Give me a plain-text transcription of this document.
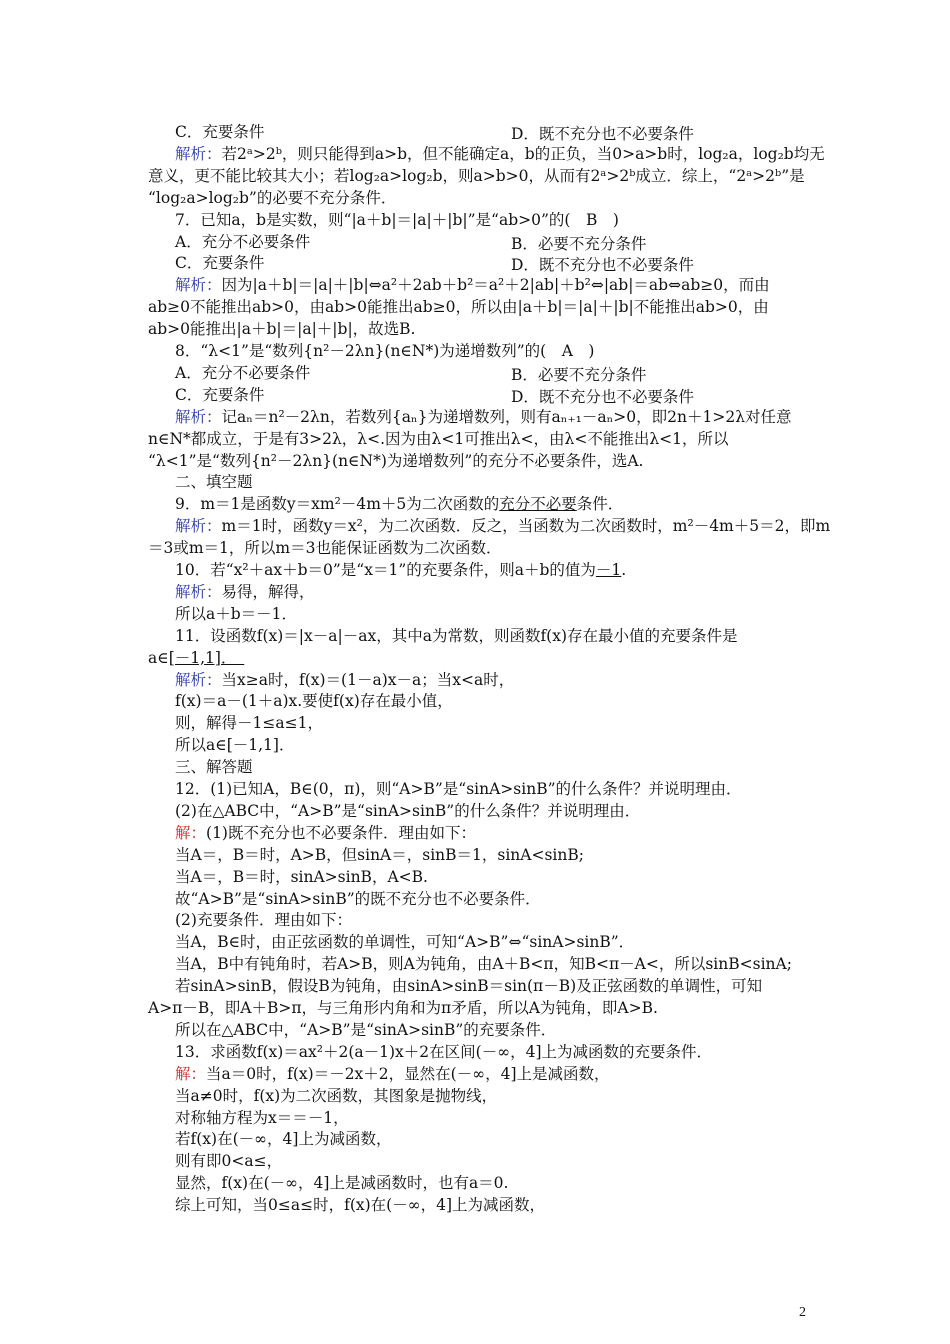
C．充要条件	D．既不充分也不必要条件
解析：若2ᵃ>2ᵇ，则只能得到a>b，但不能确定a，b的正负，当0>a>b时，log₂a，log₂b均无
意义，更不能比较其大小；若log₂a>log₂b，则a>b>0，从而有2ᵃ>2ᵇ成立．综上，“2ᵃ>2ᵇ”是
“log₂a>log₂b”的必要不充分条件．
7．已知a，b是实数，则“|a＋b|＝|a|＋|b|”是“ab>0”的(　B　)
A．充分不必要条件	B．必要不充分条件
C．充要条件	D．既不充分也不必要条件
解析：因为|a＋b|＝|a|＋|b|⇔a²＋2ab＋b²＝a²＋2|ab|＋b²⇔|ab|＝ab⇔ab≥0，而由
ab≥0不能推出ab>0，由ab>0能推出ab≥0，所以由|a＋b|＝|a|＋|b|不能推出ab>0，由
ab>0能推出|a＋b|＝|a|＋|b|，故选B.
8．“λ<1”是“数列{n²－2λn}(n∈N*)为递增数列”的(　A　)
A．充分不必要条件	B．必要不充分条件
C．充要条件	D．既不充分也不必要条件
解析：记aₙ＝n²－2λn，若数列{aₙ}为递增数列，则有aₙ₊₁－aₙ>0，即2n＋1>2λ对任意
n∈N*都成立，于是有3>2λ，λ<.因为由λ<1可推出λ<，由λ<不能推出λ<1，所以
“λ<1”是“数列{n²－2λn}(n∈N*)为递增数列”的充分不必要条件，选A.
二、填空题
9．m＝1是函数y＝xm²－4m＋5为二次函数的充分不必要条件．
解析：m＝1时，函数y＝x²，为二次函数．反之，当函数为二次函数时，m²－4m＋5＝2，即m
＝3或m＝1，所以m＝3也能保证函数为二次函数．
10．若“x²＋ax＋b＝0”是“x＝1”的充要条件，则a＋b的值为－1.
解析：易得，解得，
所以a＋b＝－1．
11．设函数f(x)＝|x－a|－ax，其中a为常数，则函数f(x)存在最小值的充要条件是
a∈[－1,1]．　
解析：当x≥a时，f(x)＝(1－a)x－a；当x<a时，
f(x)＝a－(1＋a)x.要使f(x)存在最小值，
则，解得－1≤a≤1，
所以a∈[－1,1]．
三、解答题
12．(1)已知A，B∈(0，π)，则“A>B”是“sinA>sinB”的什么条件？并说明理由．
(2)在△ABC中，“A>B”是“sinA>sinB”的什么条件？并说明理由．
解：(1)既不充分也不必要条件．理由如下：
当A＝，B＝时，A>B，但sinA＝，sinB＝1，sinA<sinB;
当A＝，B＝时，sinA>sinB，A<B.
故“A>B”是“sinA>sinB”的既不充分也不必要条件．
(2)充要条件．理由如下：
当A，B∈时，由正弦函数的单调性，可知“A>B”⇔“sinA>sinB”．
当A，B中有钝角时，若A>B，则A为钝角，由A＋B<π，知B<π－A<，所以sinB<sinA;
若sinA>sinB，假设B为钝角，由sinA>sinB＝sin(π－B)及正弦函数的单调性，可知
A>π－B，即A＋B>π，与三角形内角和为π矛盾，所以A为钝角，即A>B.
所以在△ABC中，“A>B”是“sinA>sinB”的充要条件．
13．求函数f(x)＝ax²＋2(a－1)x＋2在区间(－∞，4]上为减函数的充要条件．
解：当a＝0时，f(x)＝－2x＋2，显然在(－∞，4]上是减函数，
当a≠0时，f(x)为二次函数，其图象是抛物线，
对称轴方程为x＝＝－1，
若f(x)在(－∞，4]上为减函数，
则有即0<a≤，
显然，f(x)在(－∞，4]上是减函数时，也有a＝0.
综上可知，当0≤a≤时，f(x)在(－∞，4]上为减函数，
2
